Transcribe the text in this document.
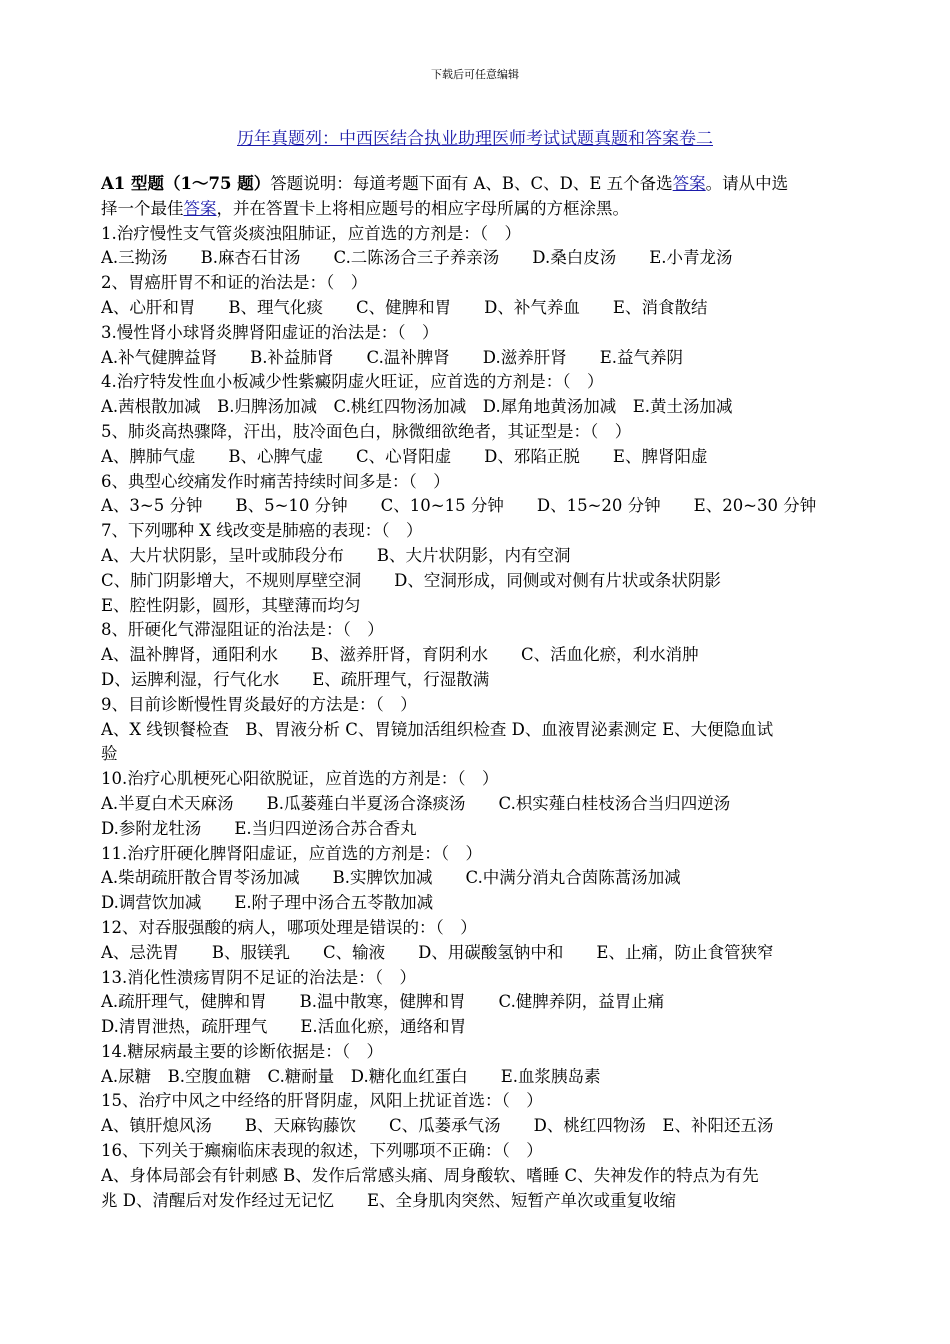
下载后可任意编辑
历年真题列：中西医结合执业助理医师考试试题真题和答案卷二
A1 型题（1～75 题）答题说明：每道考题下面有 A、B、C、D、E 五个备选答案。请从中选
择一个最佳答案，并在答置卡上将相应题号的相应字母所属的方框涂黑。
1.治疗慢性支气管炎痰浊阻肺证，应首选的方剂是：（　）
A.三拗汤　　B.麻杏石甘汤　　C.二陈汤合三子养亲汤　　D.桑白皮汤　　E.小青龙汤
2、胃癌肝胃不和证的治法是：（　）
A、心肝和胃　　B、理气化痰　　C、健脾和胃　　D、补气养血　　E、消食散结
3.慢性肾小球肾炎脾肾阳虚证的治法是：（　）
A.补气健脾益肾　　B.补益肺肾　　C.温补脾肾　　D.滋养肝肾　　E.益气养阴
4.治疗特发性血小板减少性紫癜阴虚火旺证，应首选的方剂是：（　）
A.茜根散加减　B.归脾汤加减　C.桃红四物汤加减　D.犀角地黄汤加减　E.黄土汤加减
5、肺炎高热骤降，汗出，肢冷面色白，脉微细欲绝者，其证型是：（　）
A、脾肺气虚　　B、心脾气虚　　C、心肾阳虚　　D、邪陷正脱　　E、脾肾阳虚
6、典型心绞痛发作时痛苦持续时间多是：（　）
A、3~5 分钟　　B、5~10 分钟　　C、10~15 分钟　　D、15~20 分钟　　E、20~30 分钟
7、下列哪种 X 线改变是肺癌的表现：（　）
A、大片状阴影，呈叶或肺段分布　　B、大片状阴影，内有空洞
C、肺门阴影增大，不规则厚壁空洞　　D、空洞形成，同侧或对侧有片状或条状阴影
E、腔性阴影，圆形，其壁薄而均匀
8、肝硬化气滞湿阻证的治法是：（　）
A、温补脾肾，通阳利水　　B、滋养肝肾，育阴利水　　C、活血化瘀，利水消肿
D、运脾利湿，行气化水　　E、疏肝理气，行湿散满
9、目前诊断慢性胃炎最好的方法是：（　）
A、X 线钡餐检查　B、胃液分析 C、胃镜加活组织检查 D、血液胃泌素测定 E、大便隐血试
验
10.治疗心肌梗死心阳欲脱证，应首选的方剂是：（　）
A.半夏白术天麻汤　　B.瓜蒌薤白半夏汤合涤痰汤　　C.枳实薤白桂枝汤合当归四逆汤
D.参附龙牡汤　　E.当归四逆汤合苏合香丸
11.治疗肝硬化脾肾阳虚证，应首选的方剂是：（　）
A.柴胡疏肝散合胃苓汤加减　　B.实脾饮加减　　C.中满分消丸合茵陈蒿汤加减
D.调营饮加减　　E.附子理中汤合五苓散加减
12、对吞服强酸的病人，哪项处理是错误的：（　）
A、忌洗胃　　B、服镁乳　　C、输液　　D、用碳酸氢钠中和　　E、止痛，防止食管狭窄
13.消化性溃疡胃阴不足证的治法是：（　）
A.疏肝理气，健脾和胃　　B.温中散寒，健脾和胃　　C.健脾养阴，益胃止痛
D.清胃泄热，疏肝理气　　E.活血化瘀，通络和胃
14.糖尿病最主要的诊断依据是：（　）
A.尿糖　B.空腹血糖　C.糖耐量　D.糖化血红蛋白　　E.血浆胰岛素
15、治疗中风之中经络的肝肾阴虚，风阳上扰证首选：（　）
A、镇肝熄风汤　　B、天麻钩藤饮　　C、瓜蒌承气汤　　D、桃红四物汤　E、补阳还五汤
16、下列关于癫痫临床表现的叙述，下列哪项不正确：（　）
A、身体局部会有针刺感 B、发作后常感头痛、周身酸软、嗜睡 C、失神发作的特点为有先
兆 D、清醒后对发作经过无记忆　　E、全身肌肉突然、短暂产单次或重复收缩
